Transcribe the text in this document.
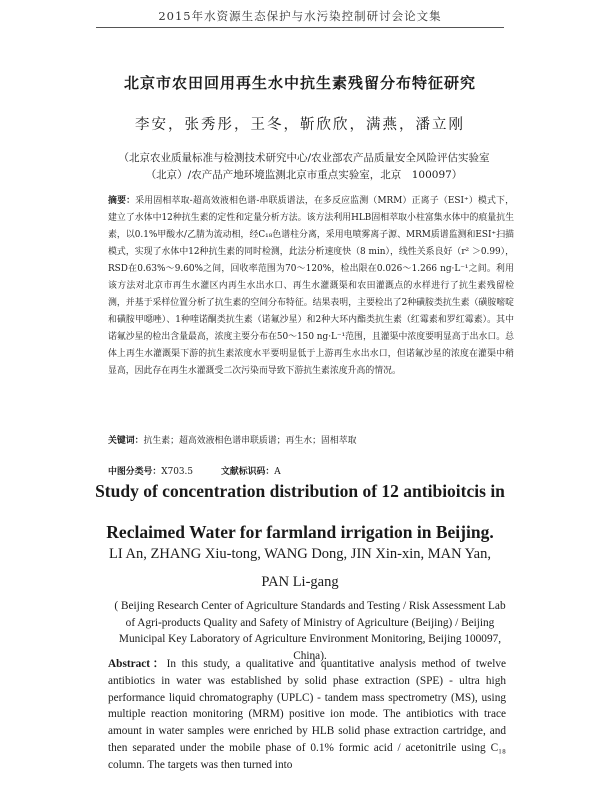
2015年水资源生态保护与水污染控制研讨会论文集
北京市农田回用再生水中抗生素残留分布特征研究
李安，张秀彤，王冬，靳欣欣，满燕，潘立刚
（北京农业质量标准与检测技术研究中心/农业部农产品质量安全风险评估实验室（北京）/农产品产地环境监测北京市重点实验室，北京　100097）
摘要：采用固相萃取-超高效液相色谱-串联质谱法，在多反应监测（MRM）正离子（ESI⁺）模式下，建立了水体中12种抗生素的定性和定量分析方法。该方法利用HLB固相萃取小柱富集水体中的痕量抗生素，以0.1%甲酸水/乙腈为流动相，经C₁₈色谱柱分离，采用电喷雾离子源、MRM质谱监测和ESI⁺扫描模式，实现了水体中12种抗生素的同时检测，此法分析速度快（8 min），线性关系良好（r² ＞0.99），RSD在0.63%～9.60%之间，回收率范围为70～120%，检出限在0.026～1.266 ng·L⁻¹之间。利用该方法对北京市再生水灌区内再生水出水口、再生水灌溉渠和农田灌溉点的水样进行了抗生素残留检测，并基于采样位置分析了抗生素的空间分布特征。结果表明，主要检出了2种磺胺类抗生素（磺胺嘧啶和磺胺甲噁唑）、1种喹诺酮类抗生素（诺氟沙星）和2种大环内酯类抗生素（红霉素和罗红霉素）。其中诺氟沙星的检出含量最高，浓度主要分布在50～150 ng·L⁻¹范围，且灌渠中浓度要明显高于出水口。总体上再生水灌溉渠下游的抗生素浓度水平要明显低于上游再生水出水口，但诺氟沙星的浓度在灌渠中稍显高，因此存在再生水灌溉受二次污染而导致下游抗生素浓度升高的情况。
关键词：抗生素；超高效液相色谱串联质谱；再生水；固相萃取
中图分类号：X703.5	文献标识码：A
Study of concentration distribution of 12 antibioitcis in
Reclaimed Water for farmland irrigation in Beijing.
LI An, ZHANG Xiu-tong, WANG Dong, JIN Xin-xin, MAN Yan,
PAN Li-gang
( Beijing Research Center of Agriculture Standards and Testing / Risk Assessment Lab of Agri-products Quality and Safety of Ministry of Agriculture (Beijing) / Beijing Municipal Key Laboratory of Agriculture Environment Monitoring, Beijing 100097, China).
Abstract：In this study, a qualitative and quantitative analysis method of twelve antibiotics in water was established by solid phase extraction (SPE) - ultra high performance liquid chromatography (UPLC) - tandem mass spectrometry (MS), using multiple reaction monitoring (MRM) positive ion mode. The antibiotics with trace amount in water samples were enriched by HLB solid phase extraction cartridge, and then separated under the mobile phase of 0.1% formic acid / acetonitrile using C₁₈ column. The targets was then turned into
